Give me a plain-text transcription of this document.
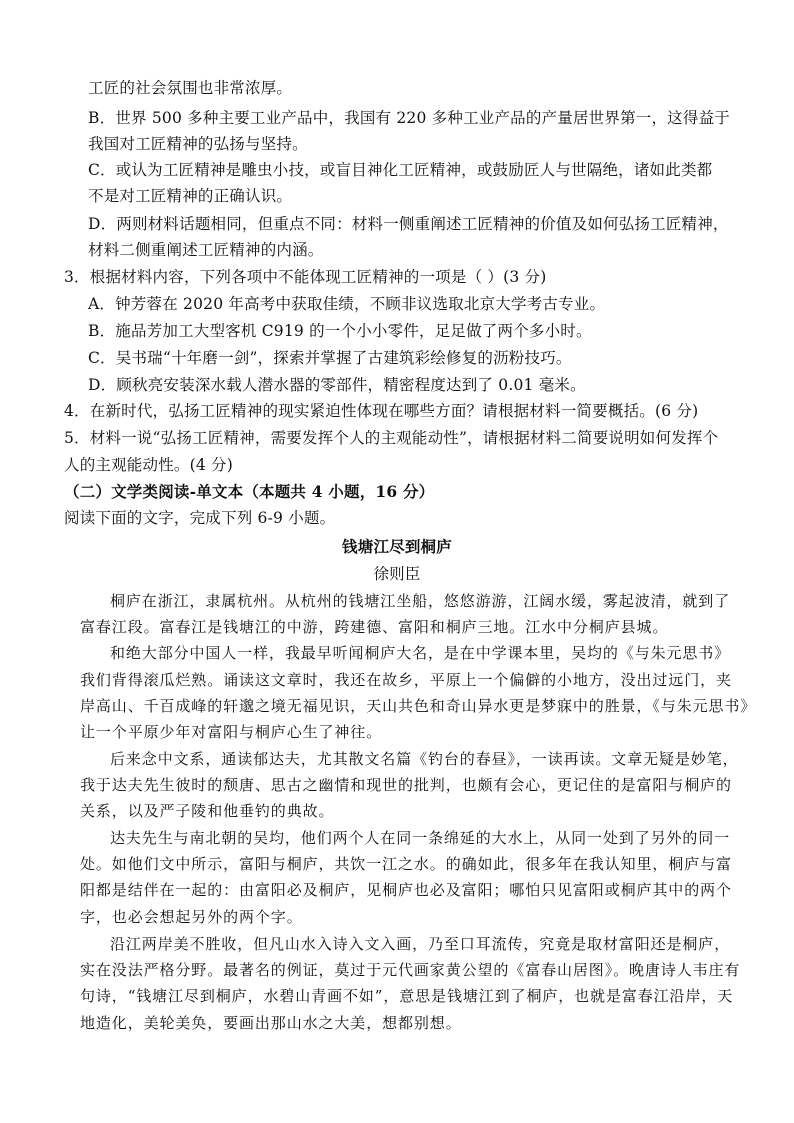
工匠的社会氛围也非常浓厚。
B．世界 500 多种主要工业产品中，我国有 220 多种工业产品的产量居世界第一，这得益于
我国对工匠精神的弘扬与坚持。
C．或认为工匠精神是雕虫小技，或盲目神化工匠精神，或鼓励匠人与世隔绝，诸如此类都
不是对工匠精神的正确认识。
D．两则材料话题相同，但重点不同：材料一侧重阐述工匠精神的价值及如何弘扬工匠精神，
材料二侧重阐述工匠精神的内涵。
3．根据材料内容，下列各项中不能体现工匠精神的一项是（ ）(3 分)
A．钟芳蓉在 2020 年高考中获取佳绩，不顾非议选取北京大学考古专业。
B．施品芳加工大型客机 C919 的一个小小零件，足足做了两个多小时。
C．吴书瑞“十年磨一剑”，探索并掌握了古建筑彩绘修复的沥粉技巧。
D．顾秋亮安装深水载人潜水器的零部件，精密程度达到了 0.01 毫米。
4．在新时代，弘扬工匠精神的现实紧迫性体现在哪些方面？请根据材料一简要概括。(6 分)
5．材料一说“弘扬工匠精神，需要发挥个人的主观能动性”，请根据材料二简要说明如何发挥个
人的主观能动性。(4 分)
（二）文学类阅读-单文本（本题共 4 小题，16 分）
阅读下面的文字，完成下列 6-9 小题。
钱塘江尽到桐庐
徐则臣
桐庐在浙江，隶属杭州。从杭州的钱塘江坐船，悠悠游游，江阔水缓，雾起波清，就到了
富春江段。富春江是钱塘江的中游，跨建德、富阳和桐庐三地。江水中分桐庐县城。
和绝大部分中国人一样，我最早听闻桐庐大名，是在中学课本里，吴均的《与朱元思书》
我们背得滚瓜烂熟。诵读这文章时，我还在故乡，平原上一个偏僻的小地方，没出过远门，夹
岸高山、千百成峰的轩邈之境无福见识，天山共色和奇山异水更是梦寐中的胜景，《与朱元思书》
让一个平原少年对富阳与桐庐心生了神往。
后来念中文系，通读郁达夫，尤其散文名篇《钓台的春昼》，一读再读。文章无疑是妙笔，
我于达夫先生彼时的颓唐、思古之幽情和现世的批判，也颇有会心，更记住的是富阳与桐庐的
关系，以及严子陵和他垂钓的典故。
达夫先生与南北朝的吴均，他们两个人在同一条绵延的大水上，从同一处到了另外的同一
处。如他们文中所示，富阳与桐庐，共饮一江之水。的确如此，很多年在我认知里，桐庐与富
阳都是结伴在一起的：由富阳必及桐庐，见桐庐也必及富阳；哪怕只见富阳或桐庐其中的两个
字，也必会想起另外的两个字。
沿江两岸美不胜收，但凡山水入诗入文入画，乃至口耳流传，究竟是取材富阳还是桐庐，
实在没法严格分野。最著名的例证，莫过于元代画家黄公望的《富春山居图》。晚唐诗人韦庄有
句诗，“钱塘江尽到桐庐，水碧山青画不如”，意思是钱塘江到了桐庐，也就是富春江沿岸，天
地造化，美轮美奂，要画出那山水之大美，想都别想。
